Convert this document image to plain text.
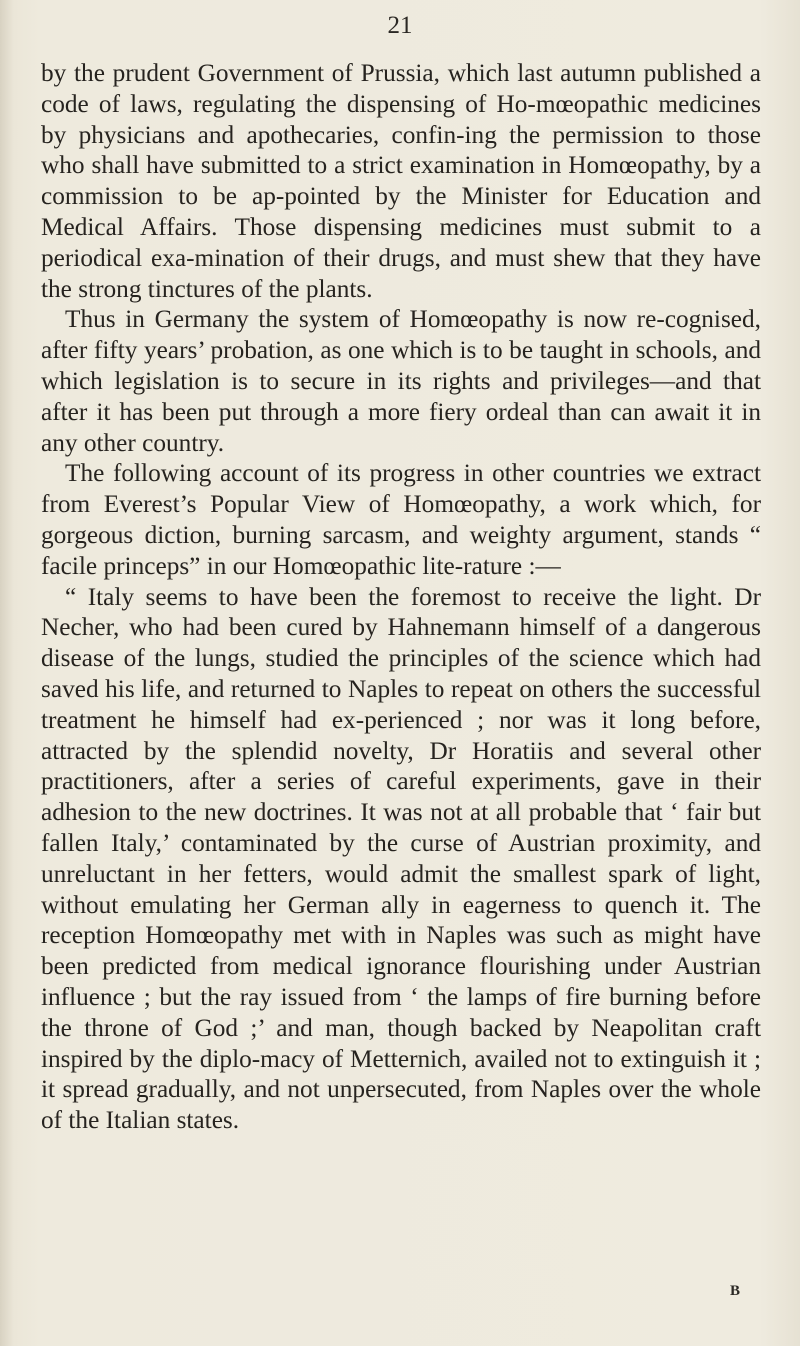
21

by the prudent Government of Prussia, which last autumn published a code of laws, regulating the dispensing of Ho-mœopathic medicines by physicians and apothecaries, confin-ing the permission to those who shall have submitted to a strict examination in Homœopathy, by a commission to be ap-pointed by the Minister for Education and Medical Affairs. Those dispensing medicines must submit to a periodical exa-mination of their drugs, and must shew that they have the strong tinctures of the plants.

Thus in Germany the system of Homœopathy is now re-cognised, after fifty years’ probation, as one which is to be taught in schools, and which legislation is to secure in its rights and privileges—and that after it has been put through a more fiery ordeal than can await it in any other country.

The following account of its progress in other countries we extract from Everest’s Popular View of Homœopathy, a work which, for gorgeous diction, burning sarcasm, and weighty argument, stands “ facile princeps” in our Homœopathic lite-rature :—

“ Italy seems to have been the foremost to receive the light. Dr Necher, who had been cured by Hahnemann himself of a dangerous disease of the lungs, studied the principles of the science which had saved his life, and returned to Naples to repeat on others the successful treatment he himself had ex-perienced ; nor was it long before, attracted by the splendid novelty, Dr Horatiis and several other practitioners, after a series of careful experiments, gave in their adhesion to the new doctrines. It was not at all probable that ‘ fair but fallen Italy,’ contaminated by the curse of Austrian proximity, and unreluctant in her fetters, would admit the smallest spark of light, without emulating her German ally in eagerness to quench it. The reception Homœopathy met with in Naples was such as might have been predicted from medical ignorance flourishing under Austrian influence ; but the ray issued from ‘ the lamps of fire burning before the throne of God ;’ and man, though backed by Neapolitan craft inspired by the diplo-macy of Metternich, availed not to extinguish it ; it spread gradually, and not unpersecuted, from Naples over the whole of the Italian states.

B
